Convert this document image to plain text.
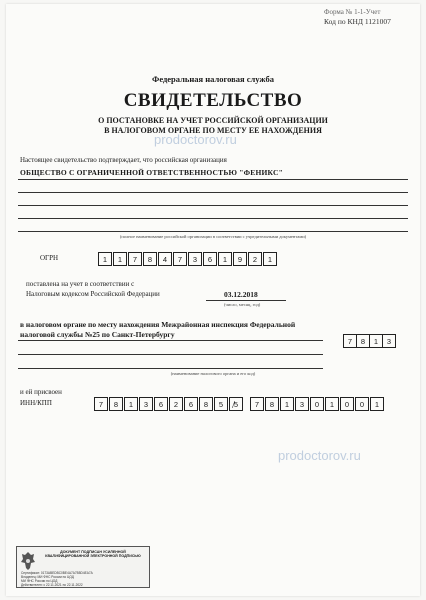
Форма № 1-1-Учет
Код по КНД 1121007
Федеральная налоговая служба
СВИДЕТЕЛЬСТВО
О ПОСТАНОВКЕ НА УЧЕТ РОССИЙСКОЙ ОРГАНИЗАЦИИ
В НАЛОГОВОМ ОРГАНЕ ПО МЕСТУ ЕЕ НАХОЖДЕНИЯ
prodoctorov.ru
Настоящее свидетельство подтверждает, что российская организация
ОБЩЕСТВО С ОГРАНИЧЕННОЙ ОТВЕТСТВЕННОСТЬЮ "ФЕНИКС"
(полное наименование российской организации в соответствии с учредительными документами)
ОГРН	1	1	7	8	4	7	3	6	1	9	2	1
поставлена на учет в соответствии с
Налоговым кодексом Российской Федерации	03.12.2018
(число, месяц, год)
в налоговом органе по месту нахождения Межрайонная инспекция Федеральной
налоговой службы №25 по Санкт-Петербургу
7	8	1	3
(наименование налогового органа и его код)
и ей присвоен
ИНН/КПП	7	8	1	3	6	2	6	8	5	5
/	7	8	1	3	0	1	0	0	1
prodoctorov.ru
ДОКУМЕНТ ПОДПИСАН УСИЛЕННОЙ КВАЛИФИЦИРОВАННОЙ ЭЛЕКТРОННОЙ ПОДПИСЬЮ
Сертификат: 0173ABEDBC0BE4A7A7B5D4EA7A
Владелец: МИ ФНС России по ЦОД
МИ ФНС России по ЦОД
Действителен: с 22.11.2021 по 22.11.2022
